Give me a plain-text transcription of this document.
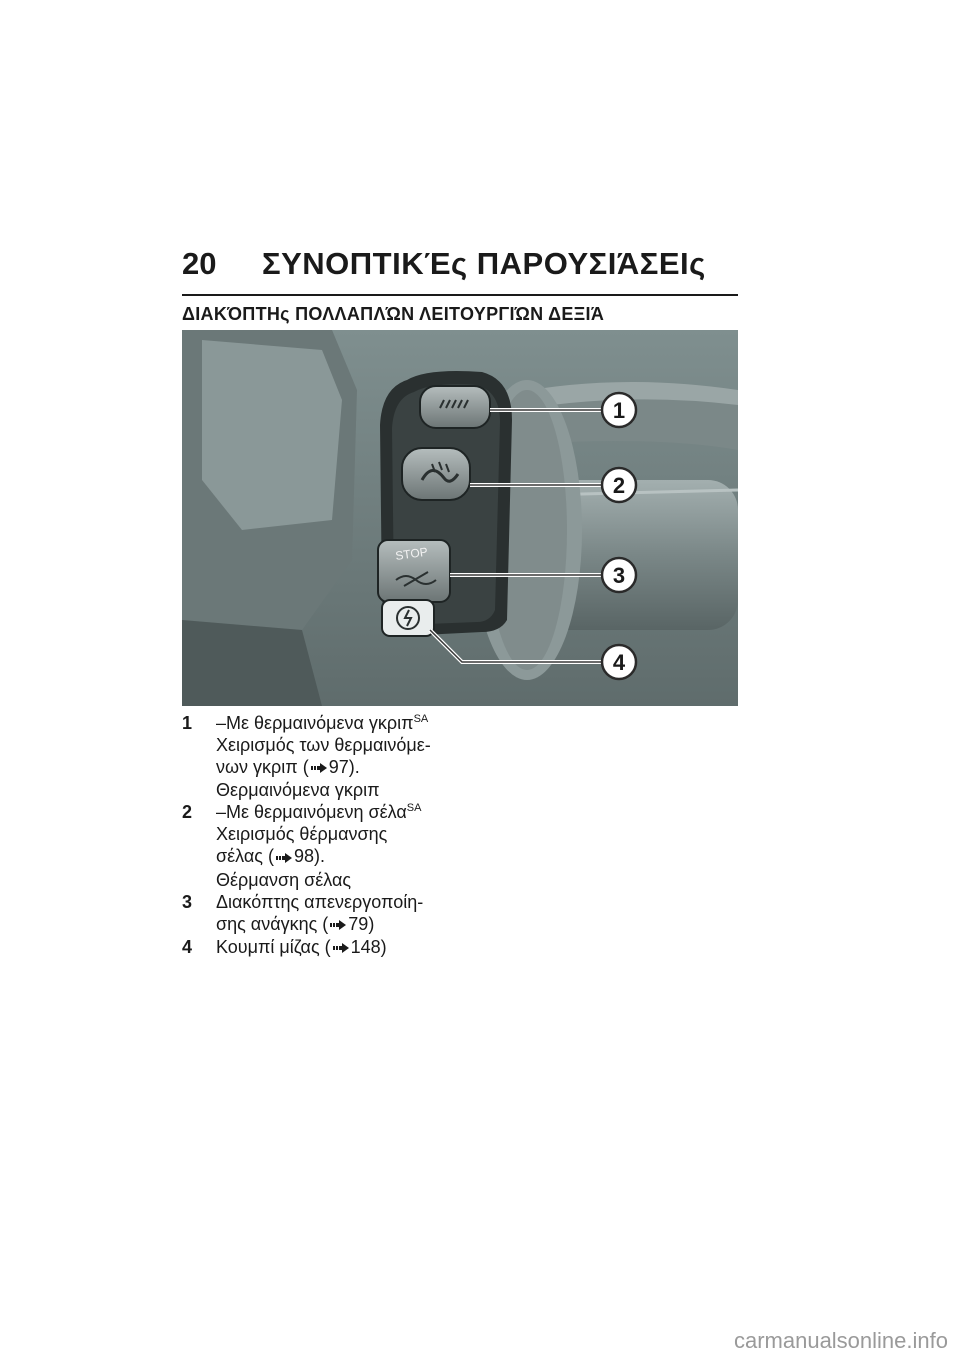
20 ΣΥΝΟΠΤΙΚΈς ΠΑΡΟΥΣΙΆΣΕΙς
ΔΙΑΚΌΠΤΗς ΠΟΛΛΑΠΛΏΝ ΛΕΙΤΟΥΡΓΙΏΝ ΔΕΞΙΆ
STOP
1
2
3
4
1 –Με θερμαινόμενα γκριπ$^{SA}$
Χειρισμός των θερμαινόμε-
νων γκριπ ( 97).
Θερμαινόμενα γκριπ
2 –Με θερμαινόμενη σέλα$^{SA}$
Χειρισμός θέρμανσης
σέλας ( 98).
Θέρμανση σέλας
3 Διακόπτης απενεργοποίη-
σης ανάγκης ( 79)
4 Κουμπί μίζας ( 148)
carmanualsonline.info
